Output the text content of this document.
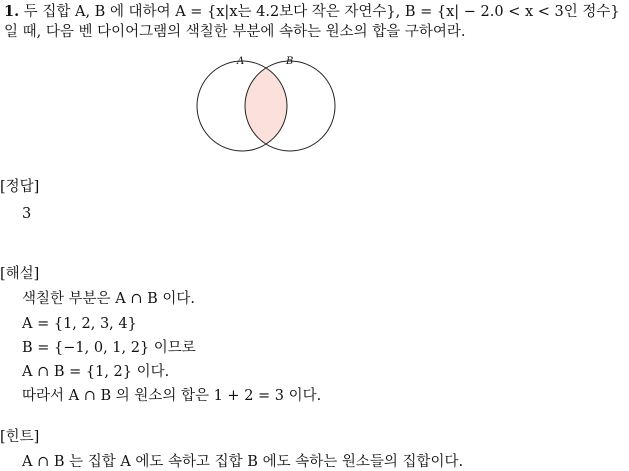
1. 두 집합 A, B 에 대하여 A = {x|x는 4.2보다 작은 자연수}, B = {x| − 2.0 < x < 3인 정수}
일 때, 다음 벤 다이어그램의 색칠한 부분에 속하는 원소의 합을 구하여라.
A	B
[정답]
3
[해설]
색칠한 부분은 A ∩ B 이다.
A = {1, 2, 3, 4}
B = {−1, 0, 1, 2} 이므로
A ∩ B = {1, 2} 이다.
따라서 A ∩ B 의 원소의 합은 1 + 2 = 3 이다.
[힌트]
A ∩ B 는 집합 A 에도 속하고 집합 B 에도 속하는 원소들의 집합이다.
